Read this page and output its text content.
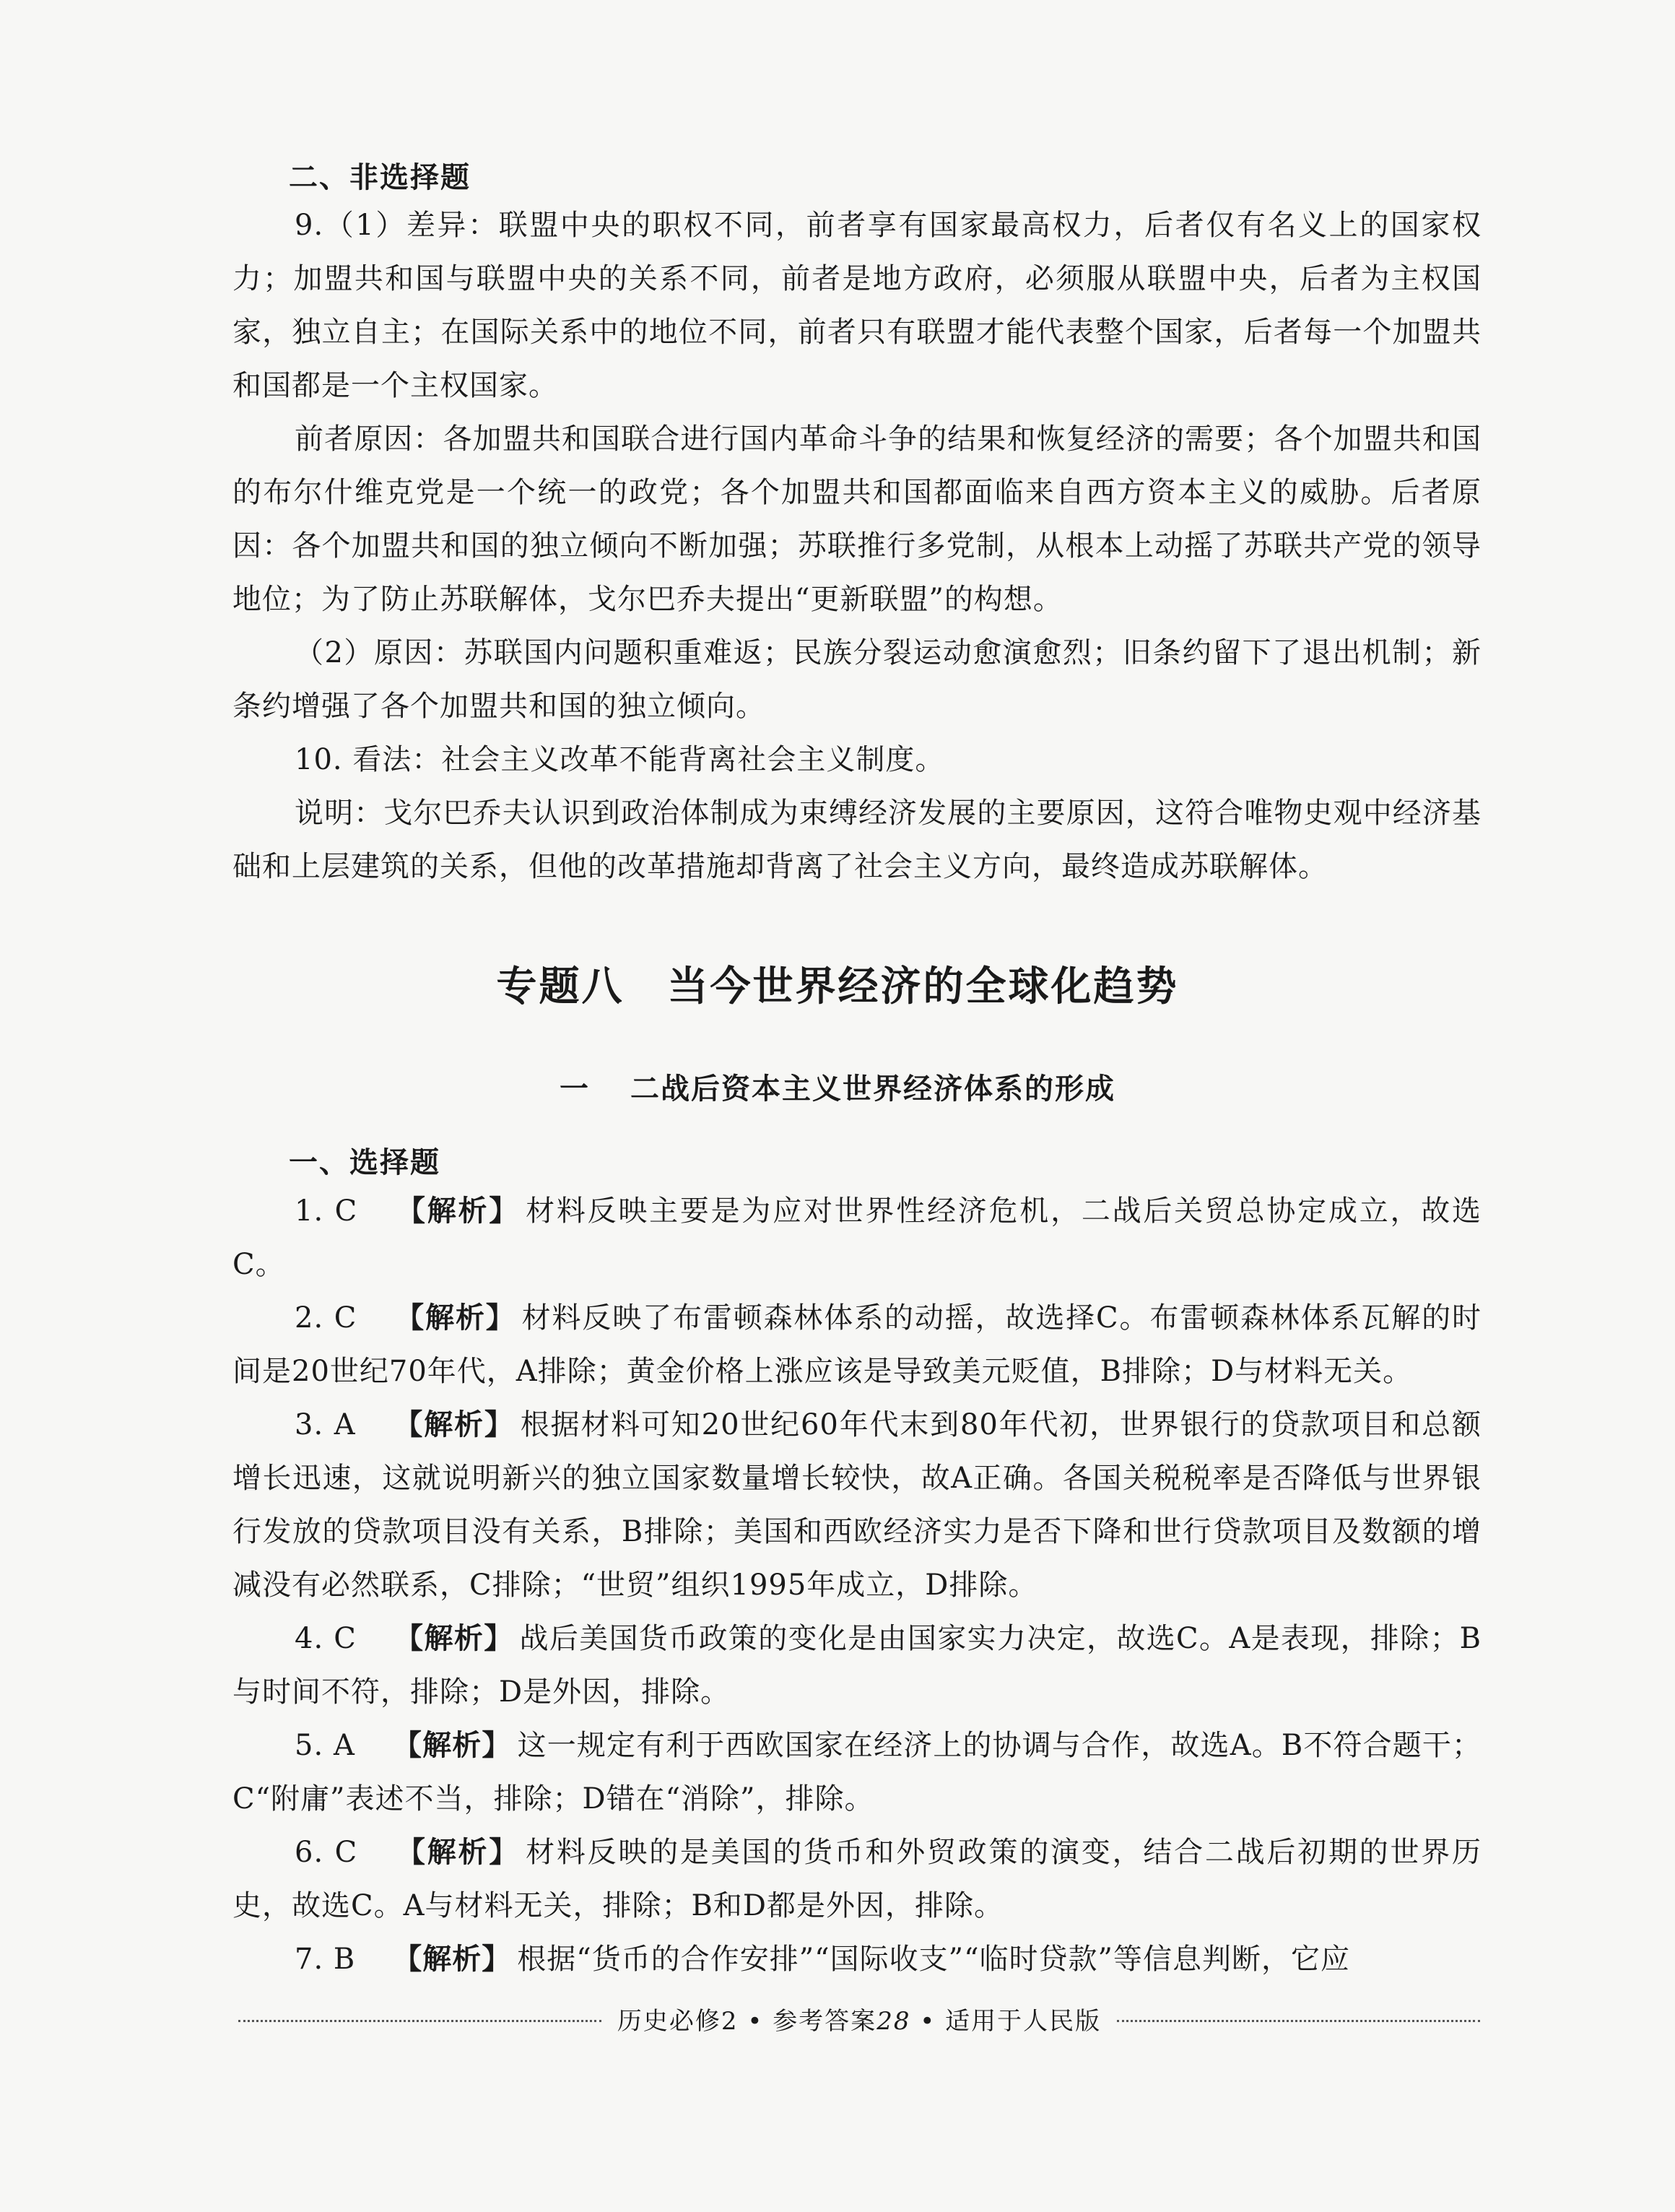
二、非选择题

9.（1）差异：联盟中央的职权不同，前者享有国家最高权力，后者仅有名义上的国家权力；加盟共和国与联盟中央的关系不同，前者是地方政府，必须服从联盟中央，后者为主权国家，独立自主；在国际关系中的地位不同，前者只有联盟才能代表整个国家，后者每一个加盟共和国都是一个主权国家。

前者原因：各加盟共和国联合进行国内革命斗争的结果和恢复经济的需要；各个加盟共和国的布尔什维克党是一个统一的政党；各个加盟共和国都面临来自西方资本主义的威胁。后者原因：各个加盟共和国的独立倾向不断加强；苏联推行多党制，从根本上动摇了苏联共产党的领导地位；为了防止苏联解体，戈尔巴乔夫提出“更新联盟”的构想。

（2）原因：苏联国内问题积重难返；民族分裂运动愈演愈烈；旧条约留下了退出机制；新条约增强了各个加盟共和国的独立倾向。

10. 看法：社会主义改革不能背离社会主义制度。

说明：戈尔巴乔夫认识到政治体制成为束缚经济发展的主要原因，这符合唯物史观中经济基础和上层建筑的关系，但他的改革措施却背离了社会主义方向，最终造成苏联解体。

专题八 当今世界经济的全球化趋势
一 二战后资本主义世界经济体系的形成
一、选择题

1. C 【解析】 材料反映主要是为应对世界性经济危机，二战后关贸总协定成立，故选C。

2. C 【解析】 材料反映了布雷顿森林体系的动摇，故选择C。布雷顿森林体系瓦解的时间是20世纪70年代，A排除；黄金价格上涨应该是导致美元贬值，B排除；D与材料无关。

3. A 【解析】 根据材料可知20世纪60年代末到80年代初，世界银行的贷款项目和总额增长迅速，这就说明新兴的独立国家数量增长较快，故A正确。各国关税税率是否降低与世界银行发放的贷款项目没有关系，B排除；美国和西欧经济实力是否下降和世行贷款项目及数额的增减没有必然联系，C排除；“世贸”组织1995年成立，D排除。

4. C 【解析】 战后美国货币政策的变化是由国家实力决定，故选C。A是表现，排除；B与时间不符，排除；D是外因，排除。

5. A 【解析】 这一规定有利于西欧国家在经济上的协调与合作，故选A。B不符合题干；C“附庸”表述不当，排除；D错在“消除”，排除。

6. C 【解析】 材料反映的是美国的货币和外贸政策的演变，结合二战后初期的世界历史，故选C。A与材料无关，排除；B和D都是外因，排除。

7. B 【解析】 根据“货币的合作安排”“国际收支”“临时贷款”等信息判断，它应

历史必修2 • 参考答案28 • 适用于人民版
